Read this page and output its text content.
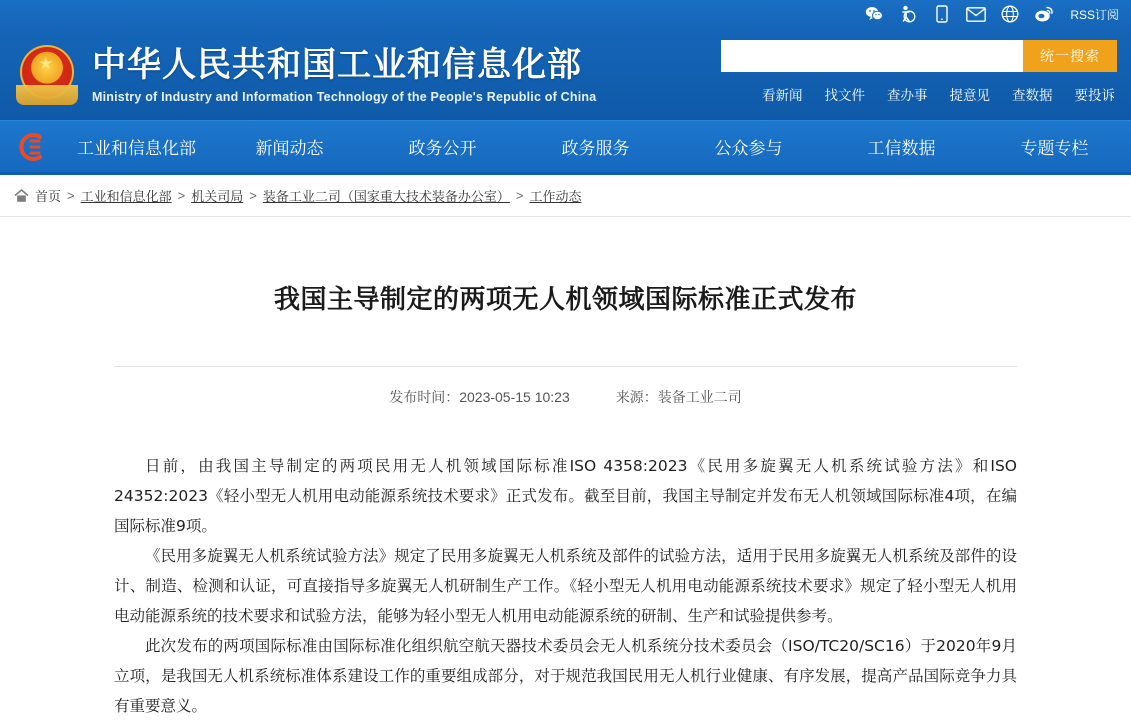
RSS订阅
★ 中华人民共和国工业和信息化部
Ministry of Industry and Information Technology of the People's Republic of China
统一搜索
看新闻 找文件 查办事 提意见 查数据 要投诉
工业和信息化部	新闻动态	政务公开	政务服务	公众参与	工信数据	专题专栏
首页 > 工业和信息化部 > 机关司局 > 装备工业二司（国家重大技术装备办公室） > 工作动态
我国主导制定的两项无人机领域国际标准正式发布
发布时间：2023-05-15 10:23	来源：装备工业二司

日前，由我国主导制定的两项民用无人机领域国际标准ISO 4358:2023《民用多旋翼无人机系统试验方法》和ISO 24352:2023《轻小型无人机用电动能源系统技术要求》正式发布。截至目前，我国主导制定并发布无人机领域国际标准4项，在编国际标准9项。

《民用多旋翼无人机系统试验方法》规定了民用多旋翼无人机系统及部件的试验方法，适用于民用多旋翼无人机系统及部件的设计、制造、检测和认证，可直接指导多旋翼无人机研制生产工作。《轻小型无人机用电动能源系统技术要求》规定了轻小型无人机用电动能源系统的技术要求和试验方法，能够为轻小型无人机用电动能源系统的研制、生产和试验提供参考。

此次发布的两项国际标准由国际标准化组织航空航天器技术委员会无人机系统分技术委员会（ISO/TC20/SC16）于2020年9月立项，是我国无人机系统标准体系建设工作的重要组成部分，对于规范我国民用无人机行业健康、有序发展，提高产品国际竞争力具有重要意义。
